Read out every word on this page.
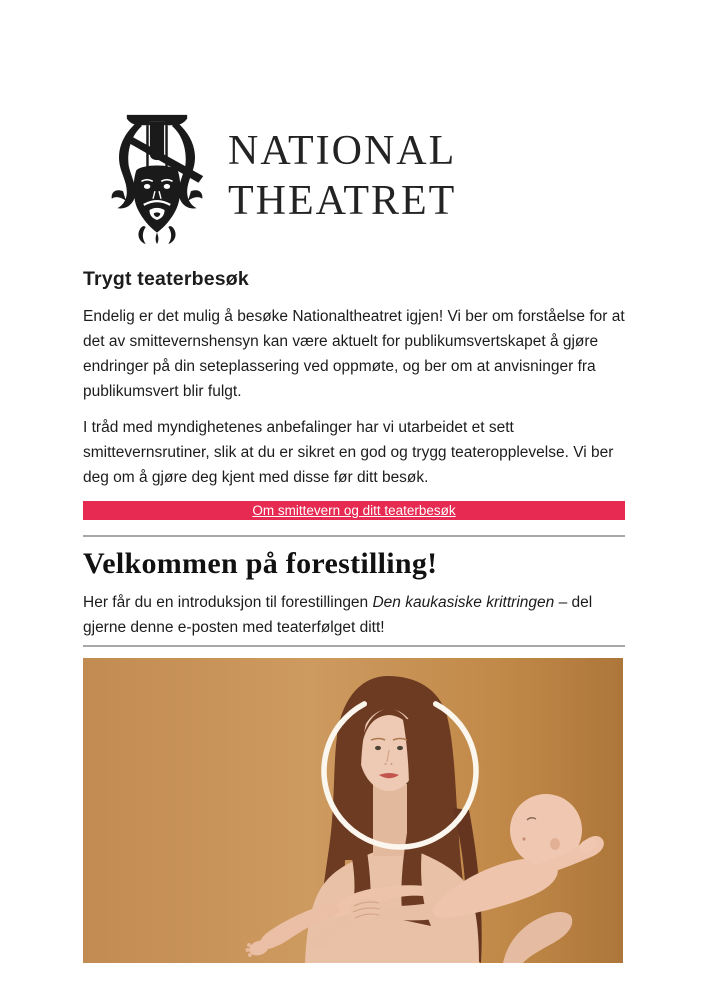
NATIONAL
THEATRET
Trygt teaterbesøk

Endelig er det mulig å besøke Nationaltheatret igjen! Vi ber om forståelse for at det av smittevernshensyn kan være aktuelt for publikumsvertskapet å gjøre endringer på din seteplassering ved oppmøte, og ber om at anvisninger fra publikumsvert blir fulgt.

I tråd med myndighetenes anbefalinger har vi utarbeidet et sett smittevernsrutiner, slik at du er sikret en god og trygg teateropplevelse. Vi ber deg om å gjøre deg kjent med disse før ditt besøk.

Om smittevern og ditt teaterbesøk
Velkommen på forestilling!

Her får du en introduksjon til forestillingen Den kaukasiske krittringen – del gjerne denne e-posten med teaterfølget ditt!
